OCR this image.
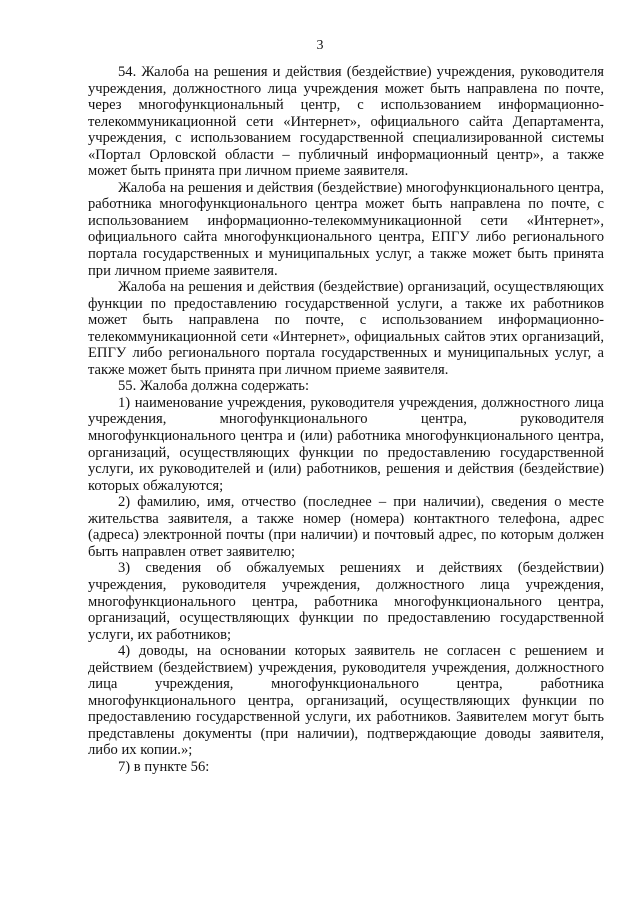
3

54. Жалоба на решения и действия (бездействие) учреждения, руководителя учреждения, должностного лица учреждения может быть направлена по почте, через многофункциональный центр, с использованием информационно-телекоммуникационной сети «Интернет», официального сайта Департамента, учреждения, с использованием государственной специализированной системы «Портал Орловской области – публичный информационный центр», а также может быть принята при личном приеме заявителя.

Жалоба на решения и действия (бездействие) многофункционального центра, работника многофункционального центра может быть направлена по почте, с использованием информационно-телекоммуникационной сети «Интернет», официального сайта многофункционального центра, ЕПГУ либо регионального портала государственных и муниципальных услуг, а также может быть принята при личном приеме заявителя.

Жалоба на решения и действия (бездействие) организаций, осуществляющих функции по предоставлению государственной услуги, а также их работников может быть направлена по почте, с использованием информационно-телекоммуникационной сети «Интернет», официальных сайтов этих организаций, ЕПГУ либо регионального портала государственных и муниципальных услуг, а также может быть принята при личном приеме заявителя.

55. Жалоба должна содержать:

1) наименование учреждения, руководителя учреждения, должностного лица учреждения, многофункционального центра, руководителя многофункционального центра и (или) работника многофункционального центра, организаций, осуществляющих функции по предоставлению государственной услуги, их руководителей и (или) работников, решения и действия (бездействие) которых обжалуются;

2) фамилию, имя, отчество (последнее – при наличии), сведения о месте жительства заявителя, а также номер (номера) контактного телефона, адрес (адреса) электронной почты (при наличии) и почтовый адрес, по которым должен быть направлен ответ заявителю;

3) сведения об обжалуемых решениях и действиях (бездействии) учреждения, руководителя учреждения, должностного лица учреждения, многофункционального центра, работника многофункционального центра, организаций, осуществляющих функции по предоставлению государственной услуги, их работников;

4) доводы, на основании которых заявитель не согласен с решением и действием (бездействием) учреждения, руководителя учреждения, должностного лица учреждения, многофункционального центра, работника многофункционального центра, организаций, осуществляющих функции по предоставлению государственной услуги, их работников. Заявителем могут быть представлены документы (при наличии), подтверждающие доводы заявителя, либо их копии.»;

7) в пункте 56:
